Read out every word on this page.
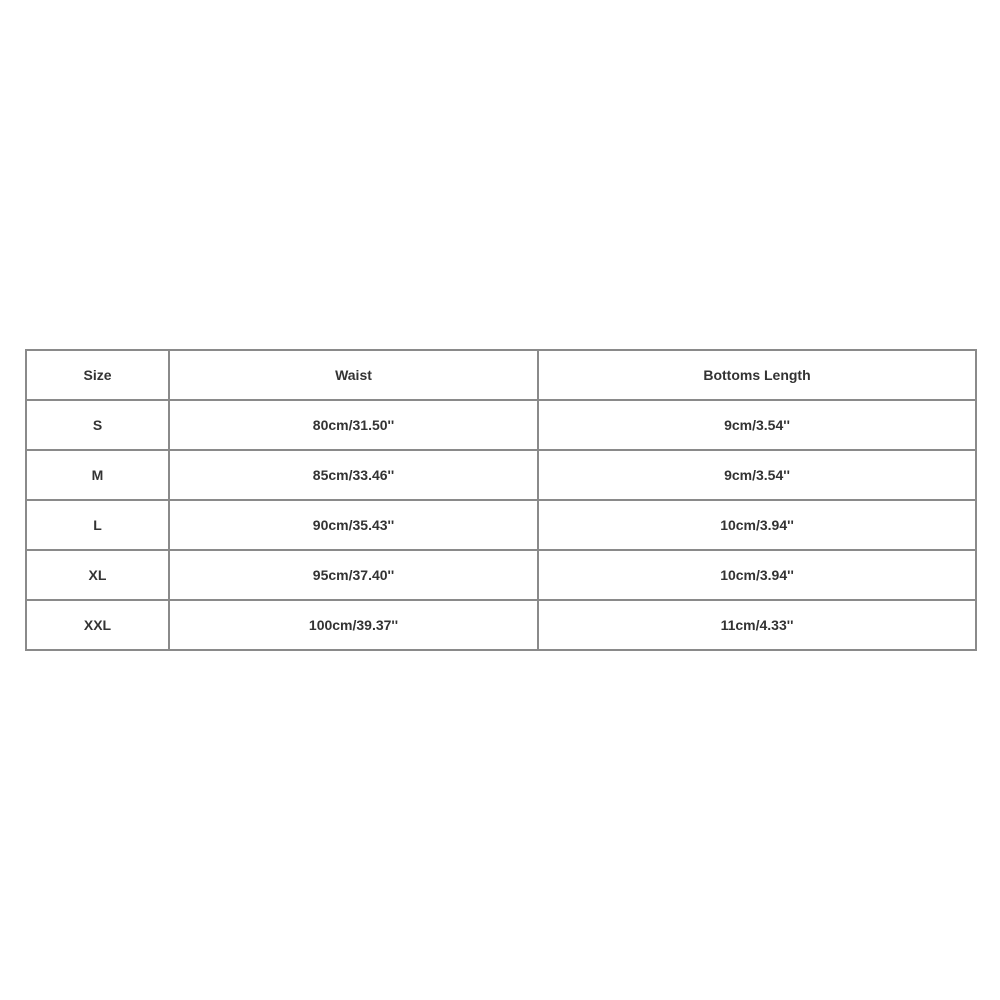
Size	Waist	Bottoms Length
S	80cm/31.50''	9cm/3.54''
M	85cm/33.46''	9cm/3.54''
L	90cm/35.43''	10cm/3.94''
XL	95cm/37.40''	10cm/3.94''
XXL	100cm/39.37''	11cm/4.33''
